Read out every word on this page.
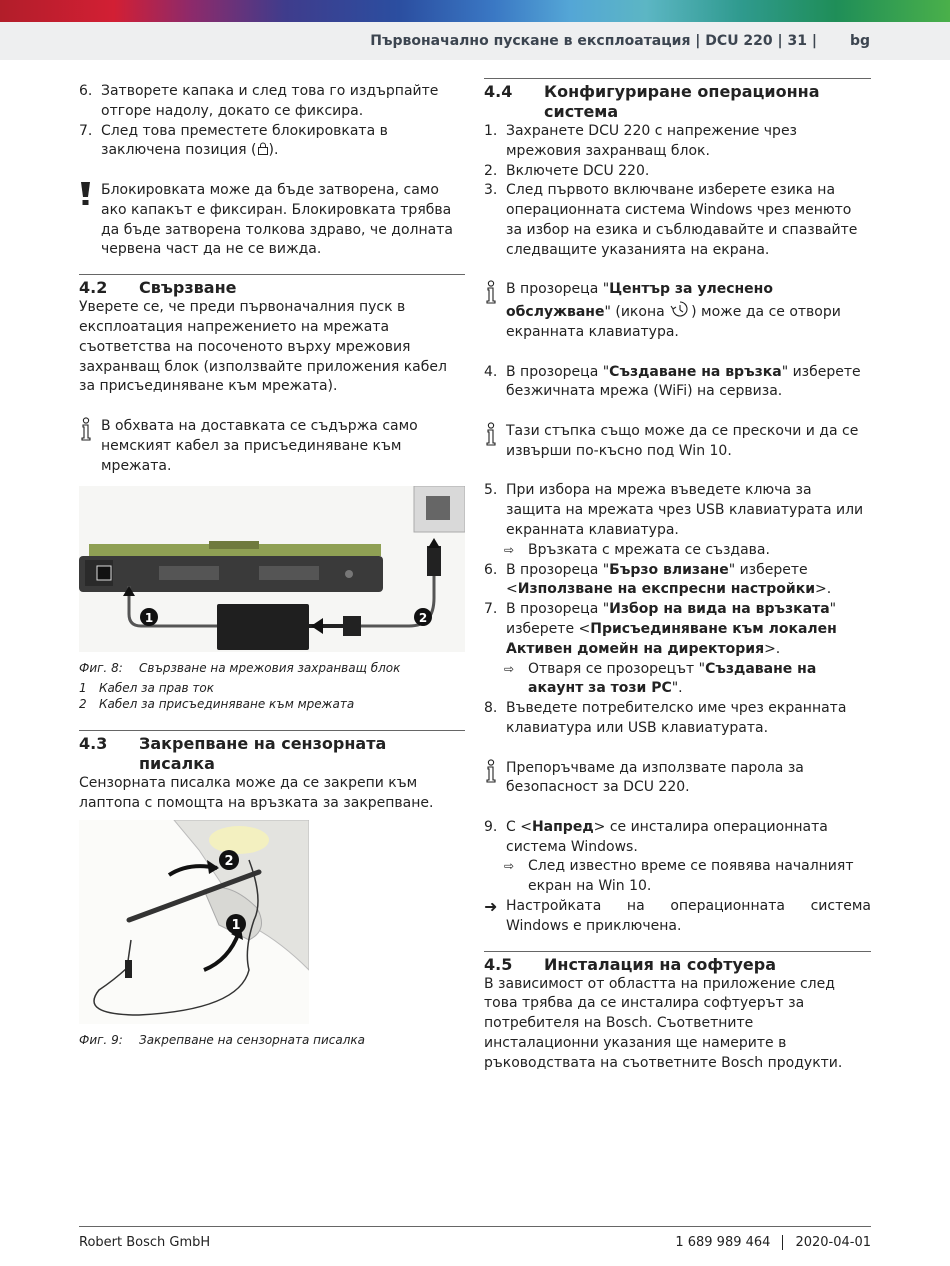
Първоначално пускане в експлоатация | DCU 220 | 31 | bg
6. Затворете капака и след това го издърпайте отгоре надолу, докато се фиксира.
7. След това преместете блокировката в заключена позиция ( ).
Блокировката може да бъде затворена, само ако капакът е фиксиран. Блокировката трябва да бъде затворена толкова здраво, че долната червена част да не се вижда.
4.2 Свързване
Уверете се, че преди първоначалния пуск в експлоатация напрежението на мрежата съответства на посоченото върху мрежовия захранващ блок (използвайте приложения кабел за присъединяване към мрежата).
В обхвата на доставката се съдържа само немският кабел за присъединяване към мрежата.
1	2
Фиг. 8: Свързване на мрежовия захранващ блок
1 Кабел за прав ток
2 Кабел за присъединяване към мрежата
4.3 Закрепване на сензорната писалка
Сензорната писалка може да се закрепи към лаптопа с помощта на връзката за закрепване.
2
1
Фиг. 9: Закрепване на сензорната писалка
4.4 Конфигуриране операционна система
1. Захранете DCU 220 с напрежение чрез мрежовия захранващ блок.
2. Включете DCU 220.
3. След първото включване изберете езика на операционната система Windows чрез менюто за избор на езика и съблюдавайте и спазвайте следващите указанията на екрана.
В прозореца "Център за улеснено обслужване" (икона ) може да се отвори екранната клавиатура.
4. В прозореца "Създаване на връзка" изберете безжичната мрежа (WiFi) на сервиза.
Тази стъпка също може да се прескочи и да се извърши по-късно под Win 10.
5. При избора на мрежа въведете ключа за защита на мрежата чрез USB клавиатурата или екранната клавиатура.
⇨ Връзката с мрежата се създава.
6. В прозореца "Бързо влизане" изберете <Използване на експресни настройки>.
7. В прозореца "Избор на вида на връзката" изберете <Присъединяване към локален Активен домейн на директория>.
⇨ Отваря се прозорецът "Създаване на акаунт за този PC".
8. Въведете потребителско име чрез екранната клавиатура или USB клавиатурата.
Препоръчваме да използвате парола за безопасност за DCU 220.
9. С <Напред> се инсталира операционната система Windows.
⇨ След известно време се появява началният екран на Win 10.
➜ Настройката на операционната система Windows е приключена.
4.5 Инсталация на софтуера
В зависимост от областта на приложение след това трябва да се инсталира софтуерът за потребителя на Bosch. Съответните инсталационни указания ще намерите в ръководствата на съответните Bosch продукти.
Robert Bosch GmbH	1 689 989 464 2020-04-01
